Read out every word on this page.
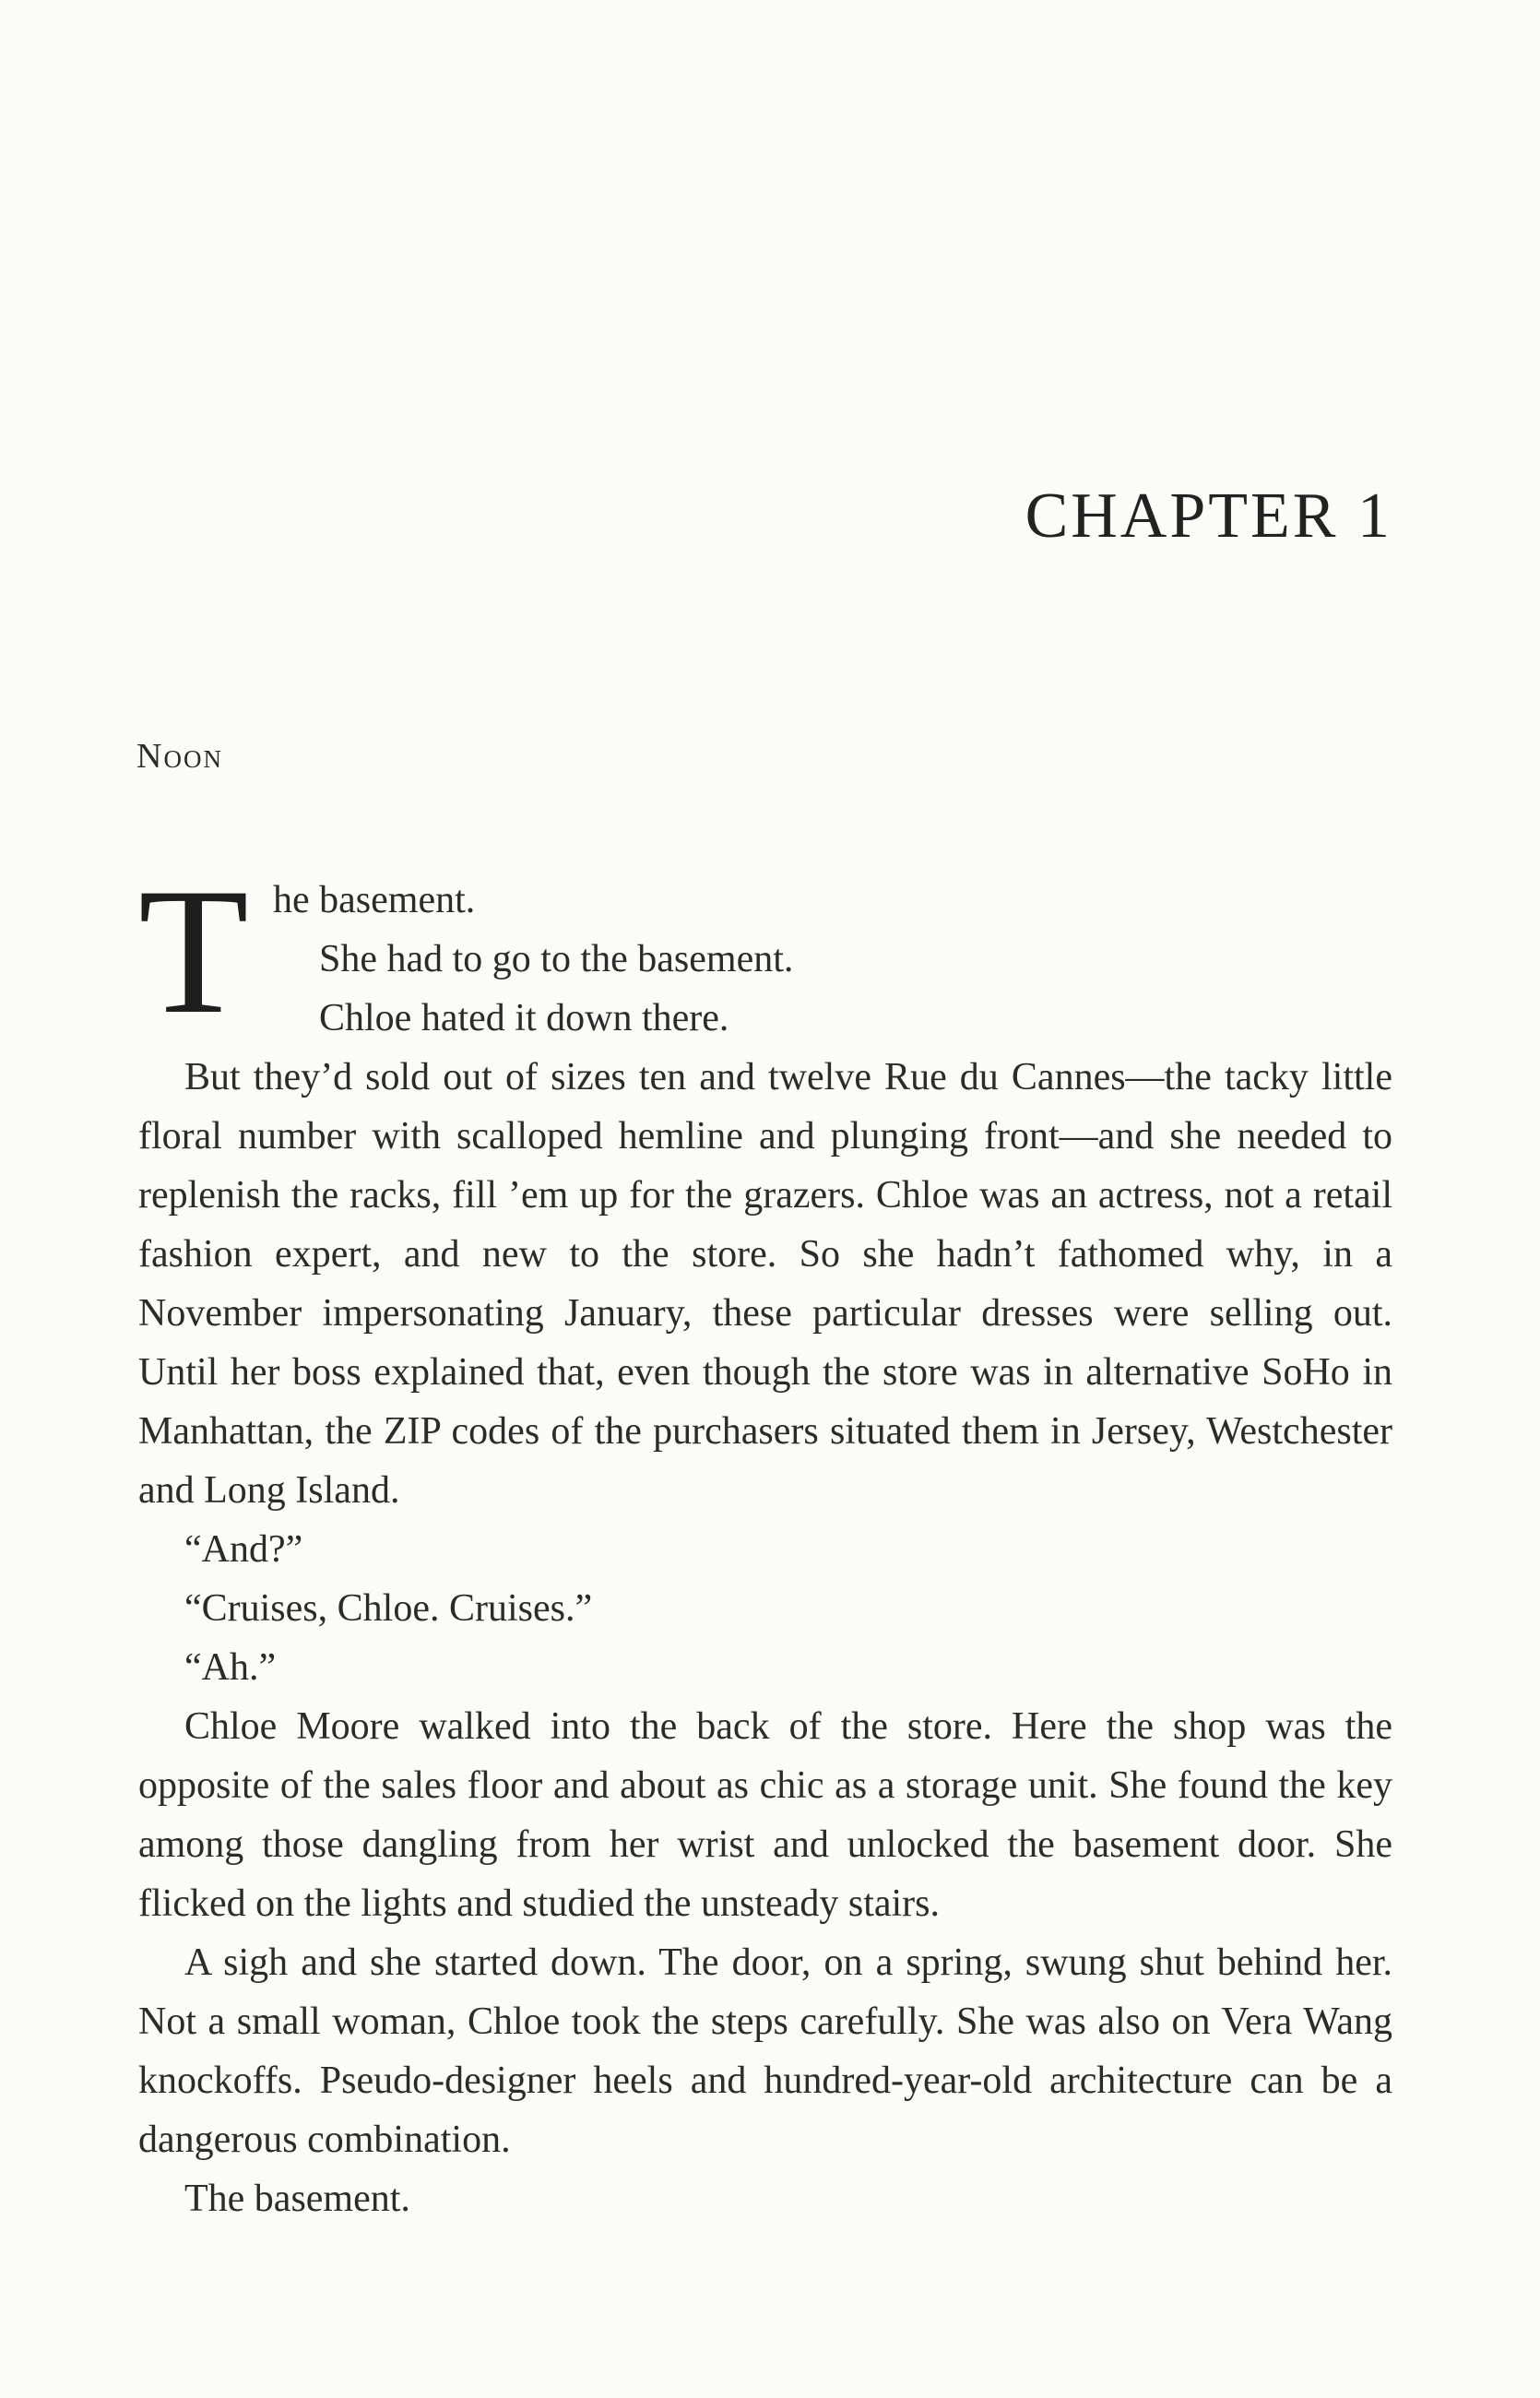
CHAPTER 1
Noon
T he basement.
She had to go to the basement.
Chloe hated it down there.

But they’d sold out of sizes ten and twelve Rue du Cannes—the tacky little floral number with scalloped hemline and plunging front—and she needed to replenish the racks, fill ’em up for the grazers. Chloe was an actress, not a retail fashion expert, and new to the store. So she hadn’t fathomed why, in a November impersonating January, these particular dresses were selling out. Until her boss explained that, even though the store was in alternative SoHo in Manhattan, the ZIP codes of the purchasers situated them in Jersey, Westchester and Long Island.

“And?”

“Cruises, Chloe. Cruises.”

“Ah.”

Chloe Moore walked into the back of the store. Here the shop was the opposite of the sales floor and about as chic as a storage unit. She found the key among those dangling from her wrist and unlocked the basement door. She flicked on the lights and studied the unsteady stairs.

A sigh and she started down. The door, on a spring, swung shut behind her. Not a small woman, Chloe took the steps carefully. She was also on Vera Wang knockoffs. Pseudo-designer heels and hundred-year-old architecture can be a dangerous combination.

The basement.
